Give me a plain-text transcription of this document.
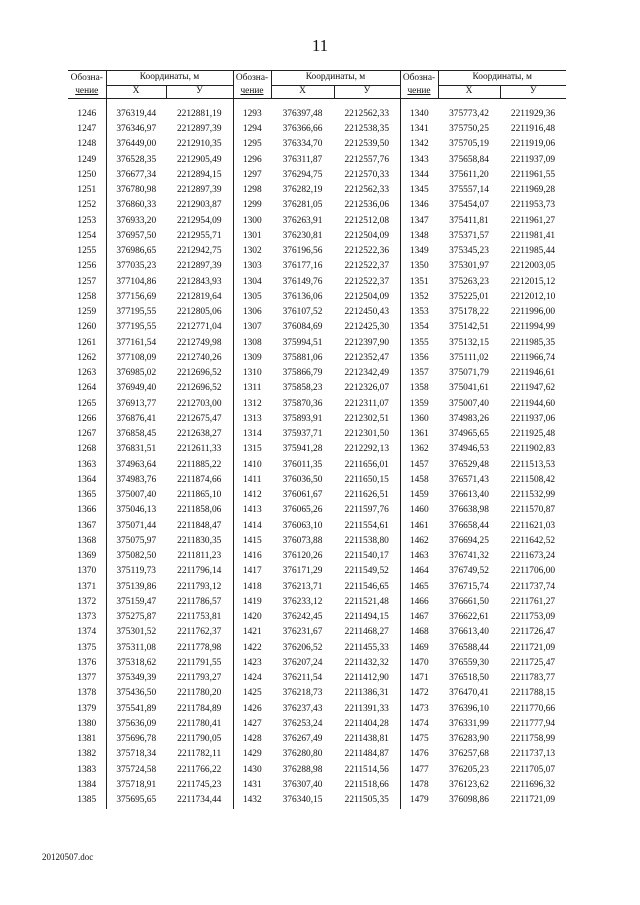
11
Обозна-	Координаты, м		Обозна-	Координаты, м		Обозна-	Координаты, м	
чение	X	У	чение	X	У	чение	X	У

1246	376319,44	2212881,19	1293	376397,48	2212562,33	1340	375773,42	2211929,36
1247	376346,97	2212897,39	1294	376366,66	2212538,35	1341	375750,25	2211916,48
1248	376449,00	2212910,35	1295	376334,70	2212539,50	1342	375705,19	2211919,06
1249	376528,35	2212905,49	1296	376311,87	2212557,76	1343	375658,84	2211937,09
1250	376677,34	2212894,15	1297	376294,75	2212570,33	1344	375611,20	2211961,55
1251	376780,98	2212897,39	1298	376282,19	2212562,33	1345	375557,14	2211969,28
1252	376860,33	2212903,87	1299	376281,05	2212536,06	1346	375454,07	2211953,73
1253	376933,20	2212954,09	1300	376263,91	2212512,08	1347	375411,81	2211961,27
1254	376957,50	2212955,71	1301	376230,81	2212504,09	1348	375371,57	2211981,41
1255	376986,65	2212942,75	1302	376196,56	2212522,36	1349	375345,23	2211985,44
1256	377035,23	2212897,39	1303	376177,16	2212522,37	1350	375301,97	2212003,05
1257	377104,86	2212843,93	1304	376149,76	2212522,37	1351	375263,23	2212015,12
1258	377156,69	2212819,64	1305	376136,06	2212504,09	1352	375225,01	2212012,10
1259	377195,55	2212805,06	1306	376107,52	2212450,43	1353	375178,22	2211996,00
1260	377195,55	2212771,04	1307	376084,69	2212425,30	1354	375142,51	2211994,99
1261	377161,54	2212749,98	1308	375994,51	2212397,90	1355	375132,15	2211985,35
1262	377108,09	2212740,26	1309	375881,06	2212352,47	1356	375111,02	2211966,74
1263	376985,02	2212696,52	1310	375866,79	2212342,49	1357	375071,79	2211946,61
1264	376949,40	2212696,52	1311	375858,23	2212326,07	1358	375041,61	2211947,62
1265	376913,77	2212703,00	1312	375870,36	2212311,07	1359	375007,40	2211944,60
1266	376876,41	2212675,47	1313	375893,91	2212302,51	1360	374983,26	2211937,06
1267	376858,45	2212638,27	1314	375937,71	2212301,50	1361	374965,65	2211925,48
1268	376831,51	2212611,33	1315	375941,28	2212292,13	1362	374946,53	2211902,83
1363	374963,64	2211885,22	1410	376011,35	2211656,01	1457	376529,48	2211513,53
1364	374983,76	2211874,66	1411	376036,50	2211650,15	1458	376571,43	2211508,42
1365	375007,40	2211865,10	1412	376061,67	2211626,51	1459	376613,40	2211532,99
1366	375046,13	2211858,06	1413	376065,26	2211597,76	1460	376638,98	2211570,87
1367	375071,44	2211848,47	1414	376063,10	2211554,61	1461	376658,44	2211621,03
1368	375075,97	2211830,35	1415	376073,88	2211538,80	1462	376694,25	2211642,52
1369	375082,50	2211811,23	1416	376120,26	2211540,17	1463	376741,32	2211673,24
1370	375119,73	2211796,14	1417	376171,29	2211549,52	1464	376749,52	2211706,00
1371	375139,86	2211793,12	1418	376213,71	2211546,65	1465	376715,74	2211737,74
1372	375159,47	2211786,57	1419	376233,12	2211521,48	1466	376661,50	2211761,27
1373	375275,87	2211753,81	1420	376242,45	2211494,15	1467	376622,61	2211753,09
1374	375301,52	2211762,37	1421	376231,67	2211468,27	1468	376613,40	2211726,47
1375	375311,08	2211778,98	1422	376206,52	2211455,33	1469	376588,44	2211721,09
1376	375318,62	2211791,55	1423	376207,24	2211432,32	1470	376559,30	2211725,47
1377	375349,39	2211793,27	1424	376211,54	2211412,90	1471	376518,50	2211783,77
1378	375436,50	2211780,20	1425	376218,73	2211386,31	1472	376470,41	2211788,15
1379	375541,89	2211784,89	1426	376237,43	2211391,33	1473	376396,10	2211770,66
1380	375636,09	2211780,41	1427	376253,24	2211404,28	1474	376331,99	2211777,94
1381	375696,78	2211790,05	1428	376267,49	2211438,81	1475	376283,90	2211758,99
1382	375718,34	2211782,11	1429	376280,80	2211484,87	1476	376257,68	2211737,13
1383	375724,58	2211766,22	1430	376288,98	2211514,56	1477	376205,23	2211705,07
1384	375718,91	2211745,23	1431	376307,40	2211518,66	1478	376123,62	2211696,32
1385	375695,65	2211734,44	1432	376340,15	2211505,35	1479	376098,86	2211721,09
20120507.doc
